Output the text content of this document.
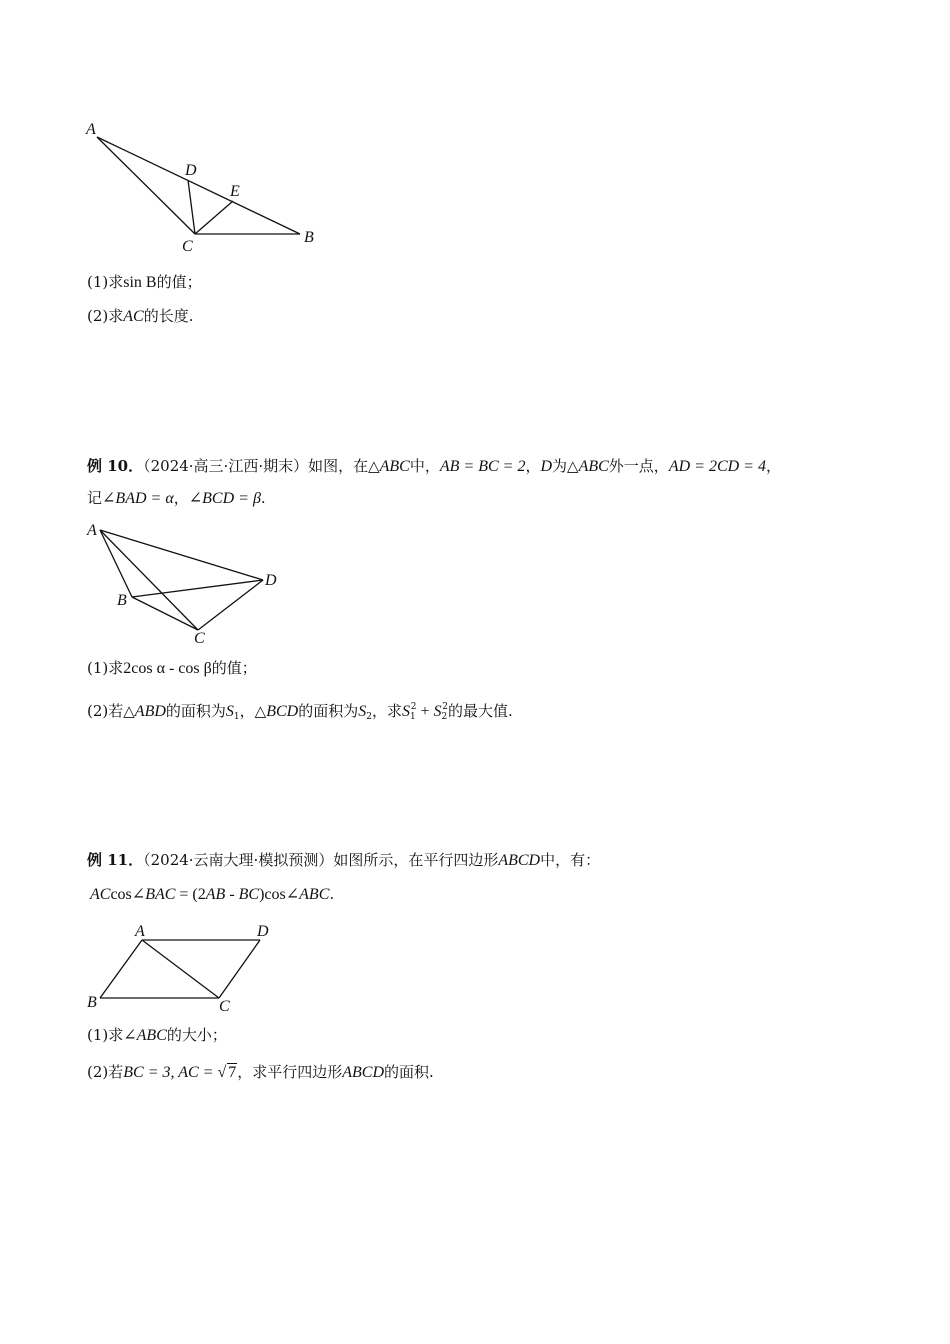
A
D
E
C
B
(1)求sin B的值；
(2)求AC的长度.
例 10．（2024·高三·江西·期末）如图，在△ABC中，AB = BC = 2，D为△ABC外一点，AD = 2CD = 4，
记∠BAD = α，∠BCD = β.
A
B
C
D
(1)求2cos α - cos β的值；
(2)若△ABD的面积为$S_1$，△BCD的面积为$S_2$，求$S_1^2 + S_2^2$的最大值.
例 11．（2024·云南大理·模拟预测）如图所示，在平行四边形ABCD中，有：
ACcos∠BAC = (2AB - BC)cos∠ABC.
A	D
B	C
(1)求∠ABC的大小；
(2)若BC = 3, AC = √ 7，求平行四边形ABCD的面积.
